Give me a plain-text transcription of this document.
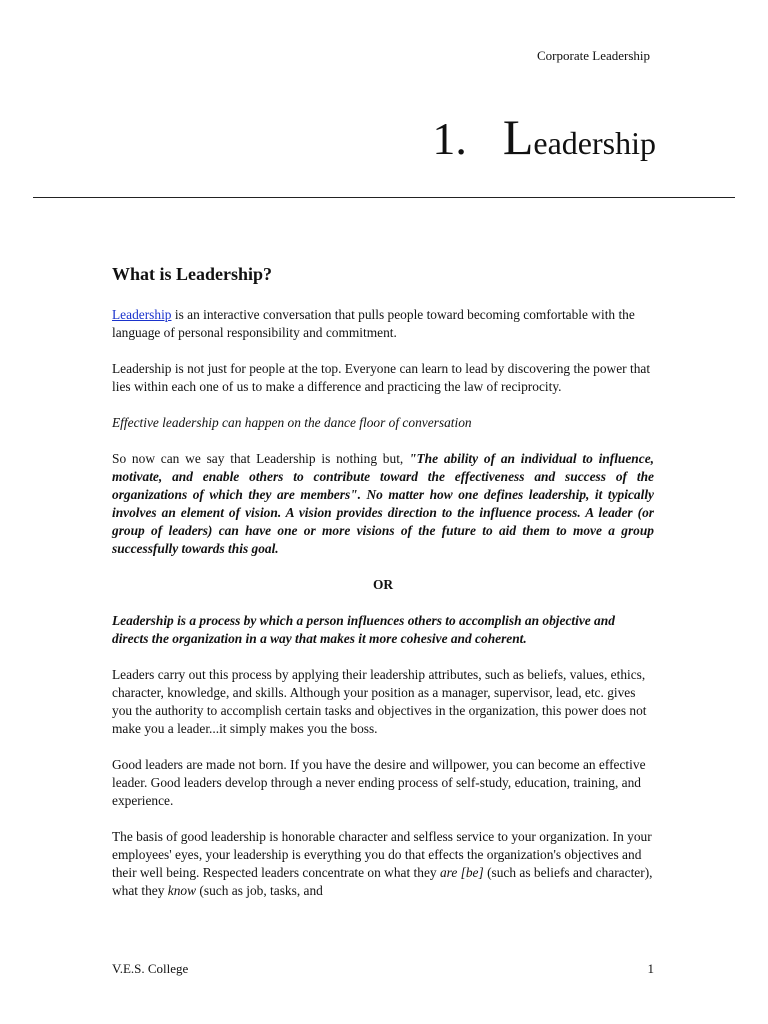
Corporate Leadership
1. Leadership
What is Leadership?

Leadership is an interactive conversation that pulls people toward becoming comfortable with the language of personal responsibility and commitment.

Leadership is not just for people at the top. Everyone can learn to lead by discovering the power that lies within each one of us to make a difference and practicing the law of reciprocity.

Effective leadership can happen on the dance floor of conversation

So now can we say that Leadership is nothing but, "The ability of an individual to influence, motivate, and enable others to contribute toward the effectiveness and success of the organizations of which they are members". No matter how one defines leadership, it typically involves an element of vision. A vision provides direction to the influence process. A leader (or group of leaders) can have one or more visions of the future to aid them to move a group successfully towards this goal.

OR

Leadership is a process by which a person influences others to accomplish an objective and directs the organization in a way that makes it more cohesive and coherent.

Leaders carry out this process by applying their leadership attributes, such as beliefs, values, ethics, character, knowledge, and skills. Although your position as a manager, supervisor, lead, etc. gives you the authority to accomplish certain tasks and objectives in the organization, this power does not make you a leader...it simply makes you the boss.

Good leaders are made not born. If you have the desire and willpower, you can become an effective leader. Good leaders develop through a never ending process of self-study, education, training, and experience.

The basis of good leadership is honorable character and selfless service to your organization. In your employees' eyes, your leadership is everything you do that effects the organization's objectives and their well being. Respected leaders concentrate on what they are [be] (such as beliefs and character), what they know (such as job, tasks, and

V.E.S. College	1
